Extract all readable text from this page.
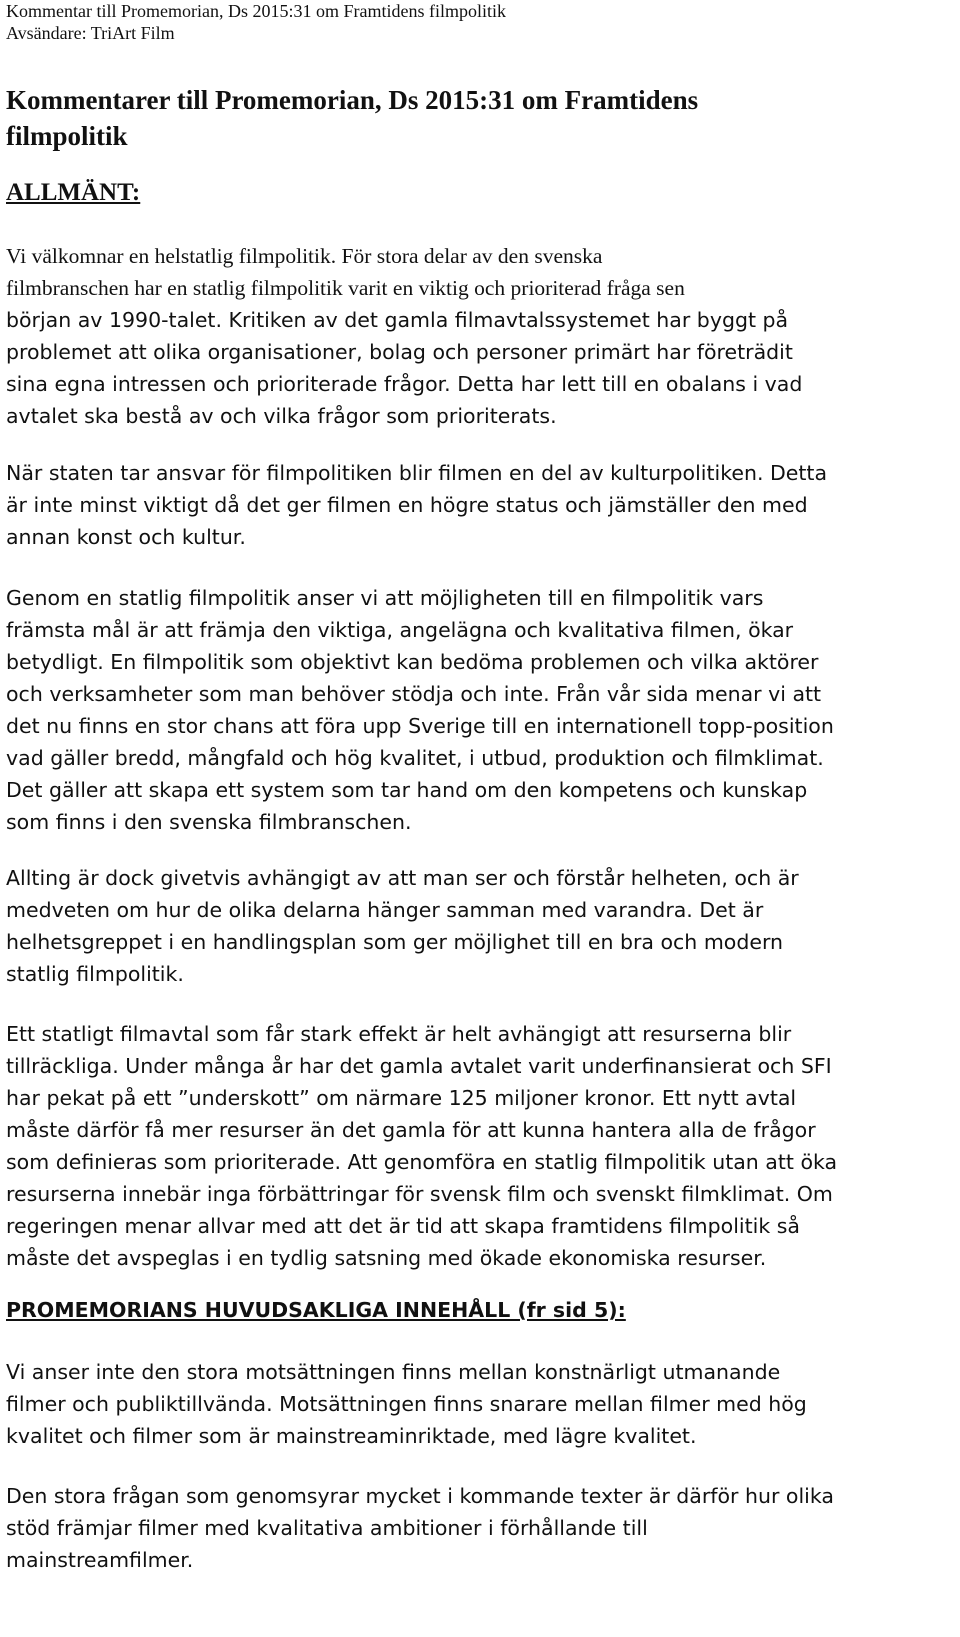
Kommentar till Promemorian, Ds 2015:31 om Framtidens filmpolitik
Avsändare: TriArt Film
Kommentarer till Promemorian, Ds 2015:31 om Framtidens
filmpolitik
ALLMÄNT:
Vi välkomnar en helstatlig filmpolitik. För stora delar av den svenska
filmbranschen har en statlig filmpolitik varit en viktig och prioriterad fråga sen
början av 1990-talet. Kritiken av det gamla filmavtalssystemet har byggt på
problemet att olika organisationer, bolag och personer primärt har företrädit
sina egna intressen och prioriterade frågor. Detta har lett till en obalans i vad
avtalet ska bestå av och vilka frågor som prioriterats.
När staten tar ansvar för filmpolitiken blir filmen en del av kulturpolitiken. Detta
är inte minst viktigt då det ger filmen en högre status och jämställer den med
annan konst och kultur.
Genom en statlig filmpolitik anser vi att möjligheten till en filmpolitik vars
främsta mål är att främja den viktiga, angelägna och kvalitativa filmen, ökar
betydligt. En filmpolitik som objektivt kan bedöma problemen och vilka aktörer
och verksamheter som man behöver stödja och inte. Från vår sida menar vi att
det nu finns en stor chans att föra upp Sverige till en internationell topp-position
vad gäller bredd, mångfald och hög kvalitet, i utbud, produktion och filmklimat.
Det gäller att skapa ett system som tar hand om den kompetens och kunskap
som finns i den svenska filmbranschen.
Allting är dock givetvis avhängigt av att man ser och förstår helheten, och är
medveten om hur de olika delarna hänger samman med varandra. Det är
helhetsgreppet i en handlingsplan som ger möjlighet till en bra och modern
statlig filmpolitik.
Ett statligt filmavtal som får stark effekt är helt avhängigt att resurserna blir
tillräckliga. Under många år har det gamla avtalet varit underfinansierat och SFI
har pekat på ett ”underskott” om närmare 125 miljoner kronor. Ett nytt avtal
måste därför få mer resurser än det gamla för att kunna hantera alla de frågor
som definieras som prioriterade. Att genomföra en statlig filmpolitik utan att öka
resurserna innebär inga förbättringar för svensk film och svenskt filmklimat. Om
regeringen menar allvar med att det är tid att skapa framtidens filmpolitik så
måste det avspeglas i en tydlig satsning med ökade ekonomiska resurser.
PROMEMORIANS HUVUDSAKLIGA INNEHÅLL (fr sid 5):
Vi anser inte den stora motsättningen finns mellan konstnärligt utmanande
filmer och publiktillvända. Motsättningen finns snarare mellan filmer med hög
kvalitet och filmer som är mainstreaminriktade, med lägre kvalitet.
Den stora frågan som genomsyrar mycket i kommande texter är därför hur olika
stöd främjar filmer med kvalitativa ambitioner i förhållande till
mainstreamfilmer.
